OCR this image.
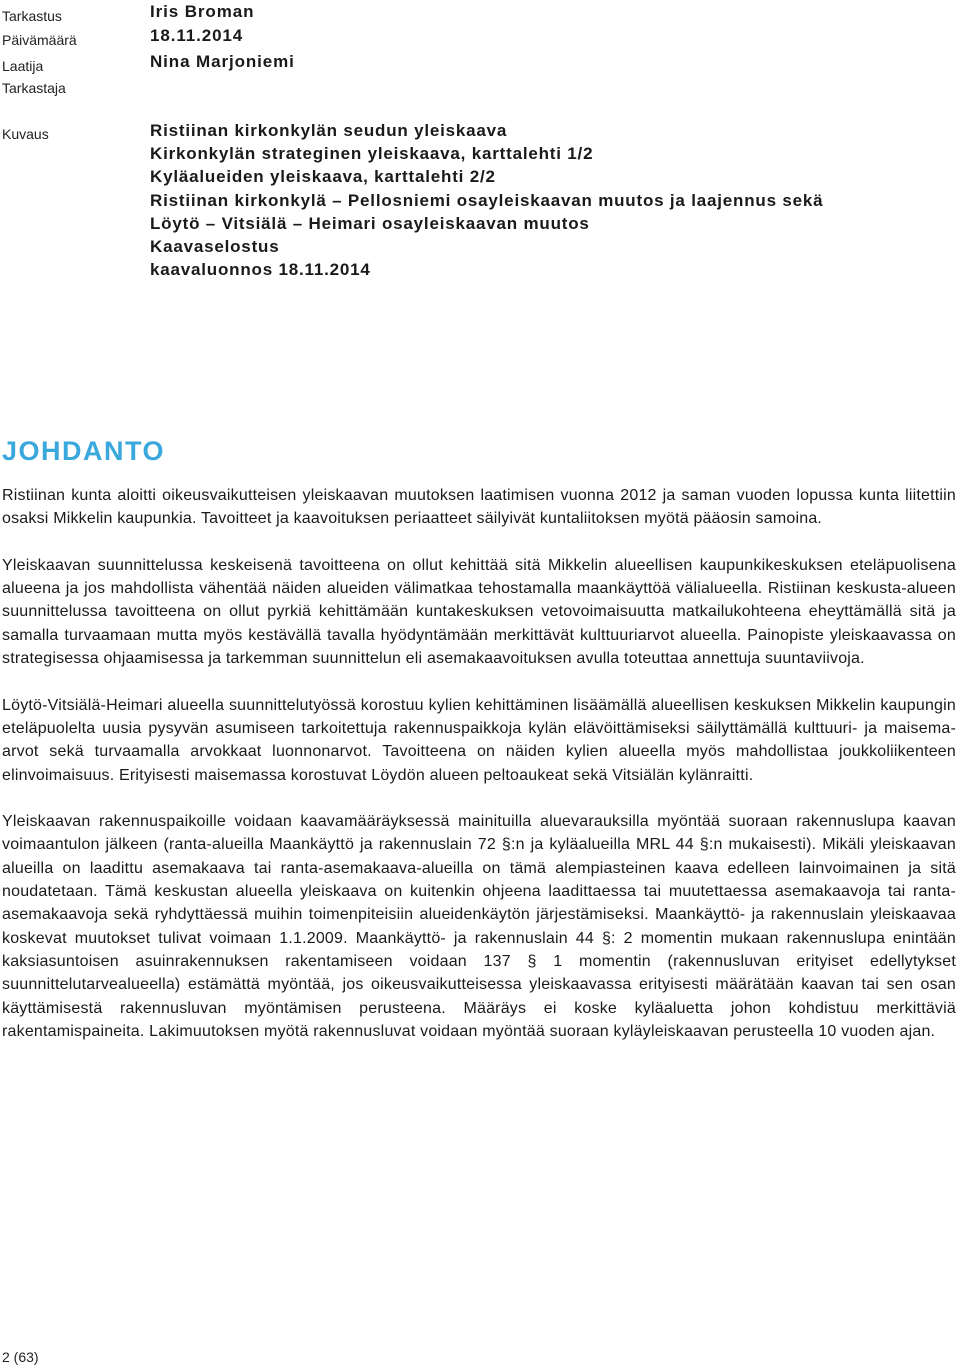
Tarkastus	Iris Broman
Päivämäärä	18.11.2014
Laatija	Nina Marjoniemi
Tarkastaja
Kuvaus	Ristiinan kirkonkylän seudun yleiskaava
Kirkonkylän strateginen yleiskaava, karttalehti 1/2
Kyläalueiden yleiskaava, karttalehti 2/2
Ristiinan kirkonkylä – Pellosniemi osayleiskaavan muutos ja laajennus sekä
Löytö – Vitsiälä – Heimari osayleiskaavan muutos
Kaavaselostus
kaavaluonnos 18.11.2014
JOHDANTO

Ristiinan kunta aloitti oikeusvaikutteisen yleiskaavan muutoksen laatimisen vuonna 2012 ja saman vuoden lopussa kunta liitettiin osaksi Mikkelin kaupunkia. Tavoitteet ja kaavoituksen periaatteet säilyivät kuntaliitoksen myötä pääosin samoina.

Yleiskaavan suunnittelussa keskeisenä tavoitteena on ollut kehittää sitä Mikkelin alueellisen kaupunkikeskuksen eteläpuolisena alueena ja jos mahdollista vähentää näiden alueiden välimatkaa tehostamalla maankäyttöä välialueella. Ristiinan keskusta-alueen suunnittelussa tavoitteena on ollut pyrkiä kehittämään kuntakeskuksen vetovoimaisuutta matkailukohteena eheyttämällä sitä ja samalla turvaamaan mutta myös kestävällä tavalla hyödyntämään merkittävät kulttuuriarvot alueella. Painopiste yleiskaavassa on strategisessa ohjaamisessa ja tarkemman suunnittelun eli asemakaavoituksen avulla toteuttaa annettuja suuntaviivoja.

Löytö-Vitsiälä-Heimari alueella suunnittelutyössä korostuu kylien kehittäminen lisäämällä alueellisen keskuksen Mikkelin kaupungin eteläpuolelta uusia pysyvän asumiseen tarkoitettuja rakennuspaikkoja kylän elävöittämiseksi säilyttämällä kulttuuri- ja maisema-arvot sekä turvaamalla arvokkaat luonnonarvot. Tavoitteena on näiden kylien alueella myös mahdollistaa joukkoliikenteen elinvoimaisuus. Erityisesti maisemassa korostuvat Löydön alueen peltoaukeat sekä Vitsiälän kylänraitti.

Yleiskaavan rakennuspaikoille voidaan kaavamääräyksessä mainituilla aluevarauksilla myöntää suoraan rakennuslupa kaavan voimaantulon jälkeen (ranta-alueilla Maankäyttö ja rakennuslain 72 §:n ja kyläalueilla MRL 44 §:n mukaisesti). Mikäli yleiskaavan alueilla on laadittu asemakaava tai ranta-asemakaava-alueilla on tämä alempiasteinen kaava edelleen lainvoimainen ja sitä noudatetaan. Tämä keskustan alueella yleiskaava on kuitenkin ohjeena laadittaessa tai muutettaessa asemakaavoja tai ranta-asemakaavoja sekä ryhdyttäessä muihin toimenpiteisiin alueidenkäytön järjestämiseksi. Maankäyttö- ja rakennuslain yleiskaavaa koskevat muutokset tulivat voimaan 1.1.2009. Maankäyttö- ja rakennuslain 44 §: 2 momentin mukaan rakennuslupa enintään kaksiasuntoisen asuinrakennuksen rakentamiseen voidaan 137 § 1 momentin (rakennusluvan erityiset edellytykset suunnittelutarvealueella) estämättä myöntää, jos oikeusvaikutteisessa yleiskaavassa erityisesti määrätään kaavan tai sen osan käyttämisestä rakennusluvan myöntämisen perusteena. Määräys ei koske kyläaluetta johon kohdistuu merkittäviä rakentamispaineita. Lakimuutoksen myötä rakennusluvat voidaan myöntää suoraan kyläyleiskaavan perusteella 10 vuoden ajan.

2 (63)
